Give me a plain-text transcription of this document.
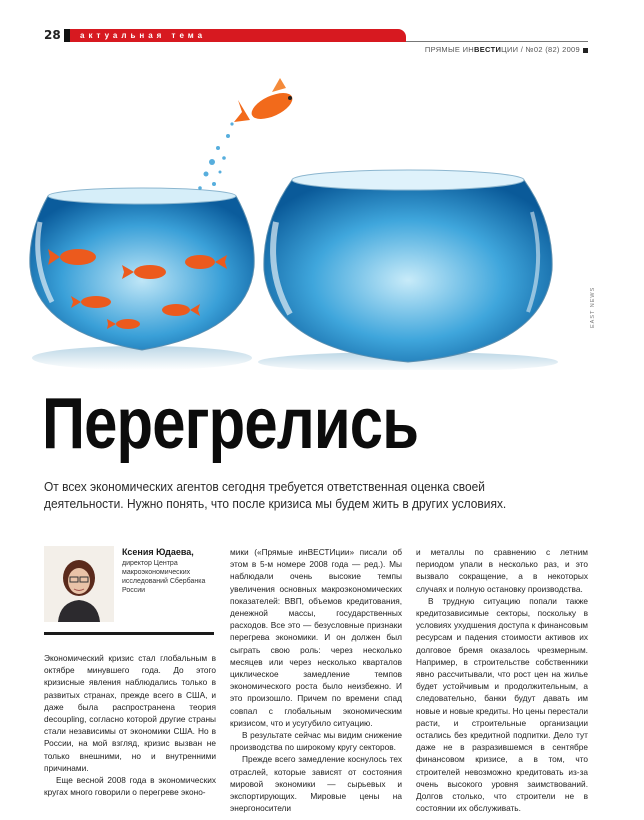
28	актуальная тема
ПРЯМЫЕ ИНВЕСТИЦИИ / №02 (82) 2009
EAST NEWS
Перегрелись
От всех экономических агентов сегодня требуется ответственная оценка своей деятельности. Нужно понять, что после кризиса мы будем жить в других условиях.
Ксения Юдаева,
директор Центра макроэкономических исследований Сбербанка России

Экономический кризис стал глобальным в октябре минувшего года. До этого кризисные явления наблюдались только в развитых странах, прежде всего в США, и даже была распространена теория decoupling, согласно которой другие страны стали независимы от экономики США. Но в России, на мой взгляд, кризис вызван не только внешними, но и внутренними причинами.

Еще весной 2008 года в экономических кругах много говорили о перегреве эконо-

мики («Прямые инВЕСТИции» писали об этом в 5-м номере 2008 года — ред.). Мы наблюдали очень высокие темпы увеличения основных макроэкономических показателей: ВВП, объемов кредитования, денежной массы, государственных расходов. Все это — безусловные признаки перегрева экономики. И он должен был сыграть свою роль: через несколько месяцев или через несколько кварталов циклическое замедление темпов экономического роста было неизбежно. И это произошло. Причем по времени спад совпал с глобальным экономическим кризисом, что и усугубило ситуацию.

В результате сейчас мы видим снижение производства по широкому кругу секторов.

Прежде всего замедление коснулось тех отраслей, которые зависят от состояния мировой экономики — сырьевых и экспортирующих. Мировые цены на энергоносители

и металлы по сравнению с летним периодом упали в несколько раз, и это вызвало сокращение, а в некоторых случаях и полную остановку производства.

В трудную ситуацию попали также кредитозависимые секторы, поскольку в условиях ухудшения доступа к финансовым ресурсам и падения стоимости активов их долговое бремя оказалось чрезмерным. Например, в строительстве собственники явно рассчитывали, что рост цен на жилье будет устойчивым и продолжительным, а следовательно, банки будут давать им новые и новые кредиты. Но цены перестали расти, и строительные организации остались без кредитной подпитки. Дело тут даже не в разразившемся в сентябре финансовом кризисе, а в том, что строителей невозможно кредитовать из-за очень высокого уровня заимствований. Долгов столько, что строители не в состоянии их обслуживать.
